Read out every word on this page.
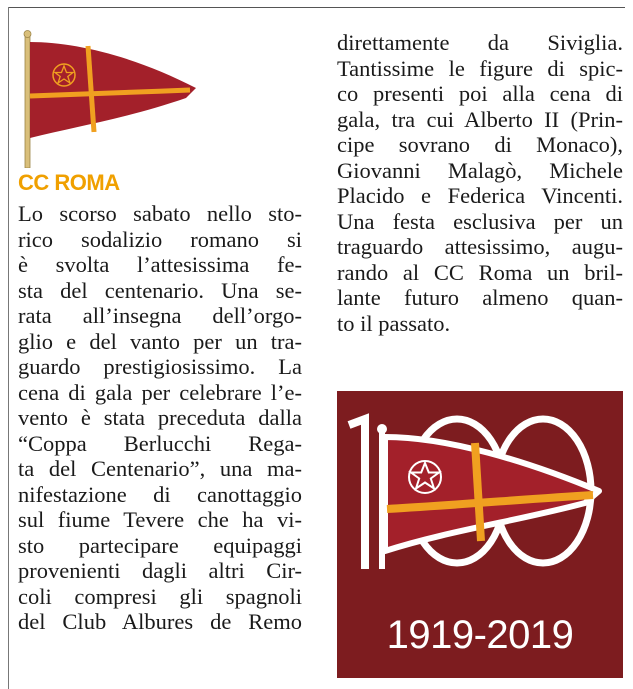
CC ROMA
Lo scorso sabato nello sto-
rico sodalizio romano si
è svolta l’attesissima fe-
sta del centenario. Una se-
rata all’insegna dell’orgo-
glio e del vanto per un tra-
guardo prestigiosissimo. La
cena di gala per celebrare l’e-
vento è stata preceduta dalla
“Coppa Berlucchi Rega-
ta del Centenario”, una ma-
nifestazione di canottaggio
sul fiume Tevere che ha vi-
sto partecipare equipaggi
provenienti dagli altri Cir-
coli compresi gli spagnoli
del Club Albures de Remo
direttamente da Siviglia.
Tantissime le figure di spic-
co presenti poi alla cena di
gala, tra cui Alberto II (Prin-
cipe sovrano di Monaco),
Giovanni Malagò, Michele
Placido e Federica Vincenti.
Una festa esclusiva per un
traguardo attesissimo, augu-
rando al CC Roma un bril-
lante futuro almeno quan-
to il passato.
1919-2019
